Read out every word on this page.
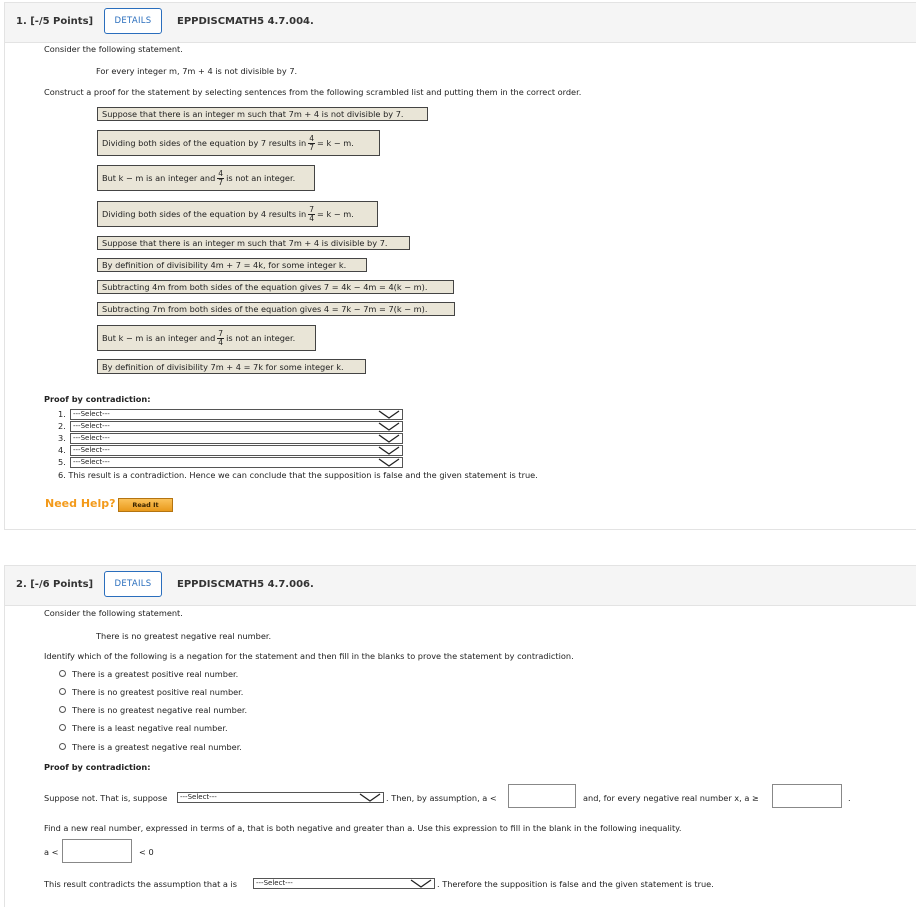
1. [-/5 Points]	DETAILS	EPPDISCMATH5 4.7.004.
Consider the following statement.
For every integer m, 7m + 4 is not divisible by 7.
Construct a proof for the statement by selecting sentences from the following scrambled list and putting them in the correct order.
Suppose that there is an integer m such that 7m + 4 is not divisible by 7.
Dividing both sides of the equation by 7 results in $\frac{4}{7} = k - m$.
But k − m is an integer and $\frac{4}{7}$ is not an integer.
Dividing both sides of the equation by 4 results in $\frac{7}{4} = k - m$.
Suppose that there is an integer m such that 7m + 4 is divisible by 7.
By definition of divisibility 4m + 7 = 4k, for some integer k.
Subtracting 4m from both sides of the equation gives 7 = 4k − 4m = 4(k − m).
Subtracting 7m from both sides of the equation gives 4 = 7k − 7m = 7(k − m).
But k − m is an integer and $\frac{7}{4}$ is not an integer.
By definition of divisibility 7m + 4 = 7k for some integer k.
Proof by contradiction:
1.	---Select---
2.	---Select---
3.	---Select---
4.	---Select---
5.	---Select---
6. This result is a contradiction. Hence we can conclude that the supposition is false and the given statement is true.
Need Help?	Read It
2. [-/6 Points]	DETAILS	EPPDISCMATH5 4.7.006.
Consider the following statement.
There is no greatest negative real number.
Identify which of the following is a negation for the statement and then fill in the blanks to prove the statement by contradiction.
There is a greatest positive real number.
There is no greatest positive real number.
There is no greatest negative real number.
There is a least negative real number.
There is a greatest negative real number.
Proof by contradiction:
Suppose not. That is, suppose	---Select---	. Then, by assumption, a <	and, for every negative real number x, a ≥	.
Find a new real number, expressed in terms of a, that is both negative and greater than a. Use this expression to fill in the blank in the following inequality.
a <	< 0
This result contradicts the assumption that a is	---Select---	. Therefore the supposition is false and the given statement is true.
